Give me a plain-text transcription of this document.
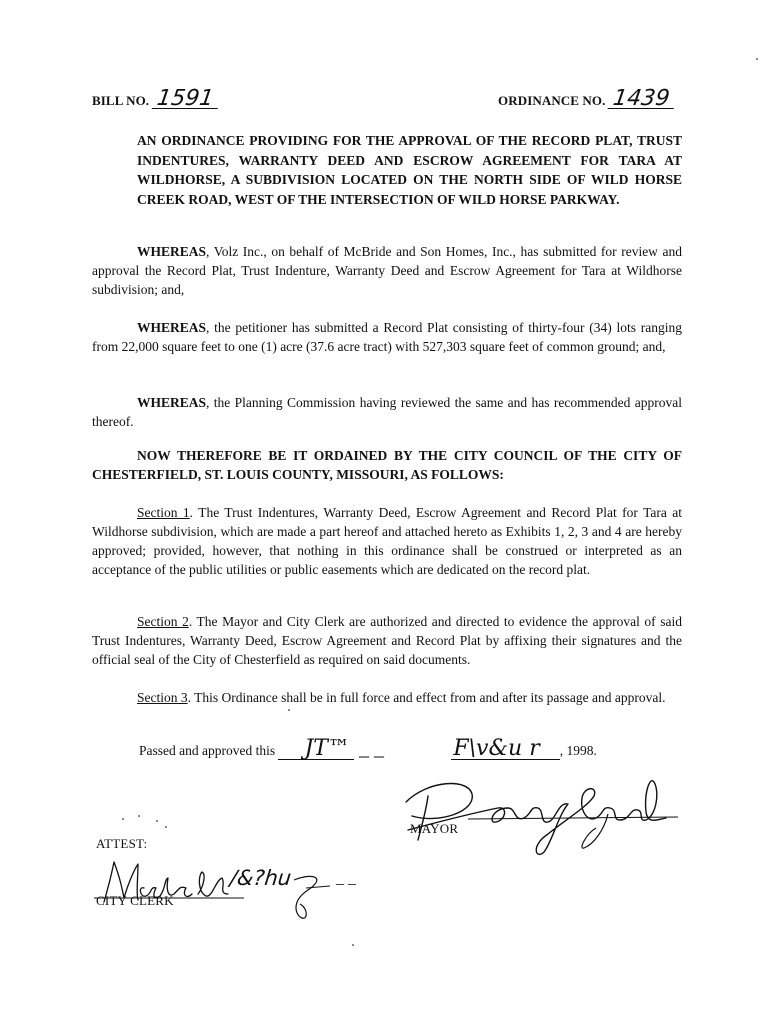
BILL NO. 1591	ORDINANCE NO. 1439
AN ORDINANCE PROVIDING FOR THE APPROVAL OF THE RECORD PLAT, TRUST INDENTURES, WARRANTY DEED AND ESCROW AGREEMENT FOR TARA AT WILDHORSE, A SUBDIVISION LOCATED ON THE NORTH SIDE OF WILD HORSE CREEK ROAD, WEST OF THE INTERSECTION OF WILD HORSE PARKWAY.

WHEREAS, Volz Inc., on behalf of McBride and Son Homes, Inc., has submitted for review and approval the Record Plat, Trust Indenture, Warranty Deed and Escrow Agreement for Tara at Wildhorse subdivision; and,

WHEREAS, the petitioner has submitted a Record Plat consisting of thirty-four (34) lots ranging from 22,000 square feet to one (1) acre (37.6 acre tract) with 527,303 square feet of common ground; and,

WHEREAS, the Planning Commission having reviewed the same and has recommended approval thereof.

NOW THEREFORE BE IT ORDAINED BY THE CITY COUNCIL OF THE CITY OF CHESTERFIELD, ST. LOUIS COUNTY, MISSOURI, AS FOLLOWS:

Section 1. The Trust Indentures, Warranty Deed, Escrow Agreement and Record Plat for Tara at Wildhorse subdivision, which are made a part hereof and attached hereto as Exhibits 1, 2, 3 and 4 are hereby approved; provided, however, that nothing in this ordinance shall be construed or interpreted as an acceptance of the public utilities or public easements which are dedicated on the record plat.

Section 2. The Mayor and City Clerk are authorized and directed to evidence the approval of said Trust Indentures, Warranty Deed, Escrow Agreement and Record Plat by affixing their signatures and the official seal of the City of Chesterfield as required on said documents.

Section 3. This Ordinance shall be in full force and effect from and after its passage and approval.

Passed and approved this  JT™ _ _	F\v&u r , 1998.
MAYOR
ATTEST:
/&?hu	_ _
CITY CLERK
